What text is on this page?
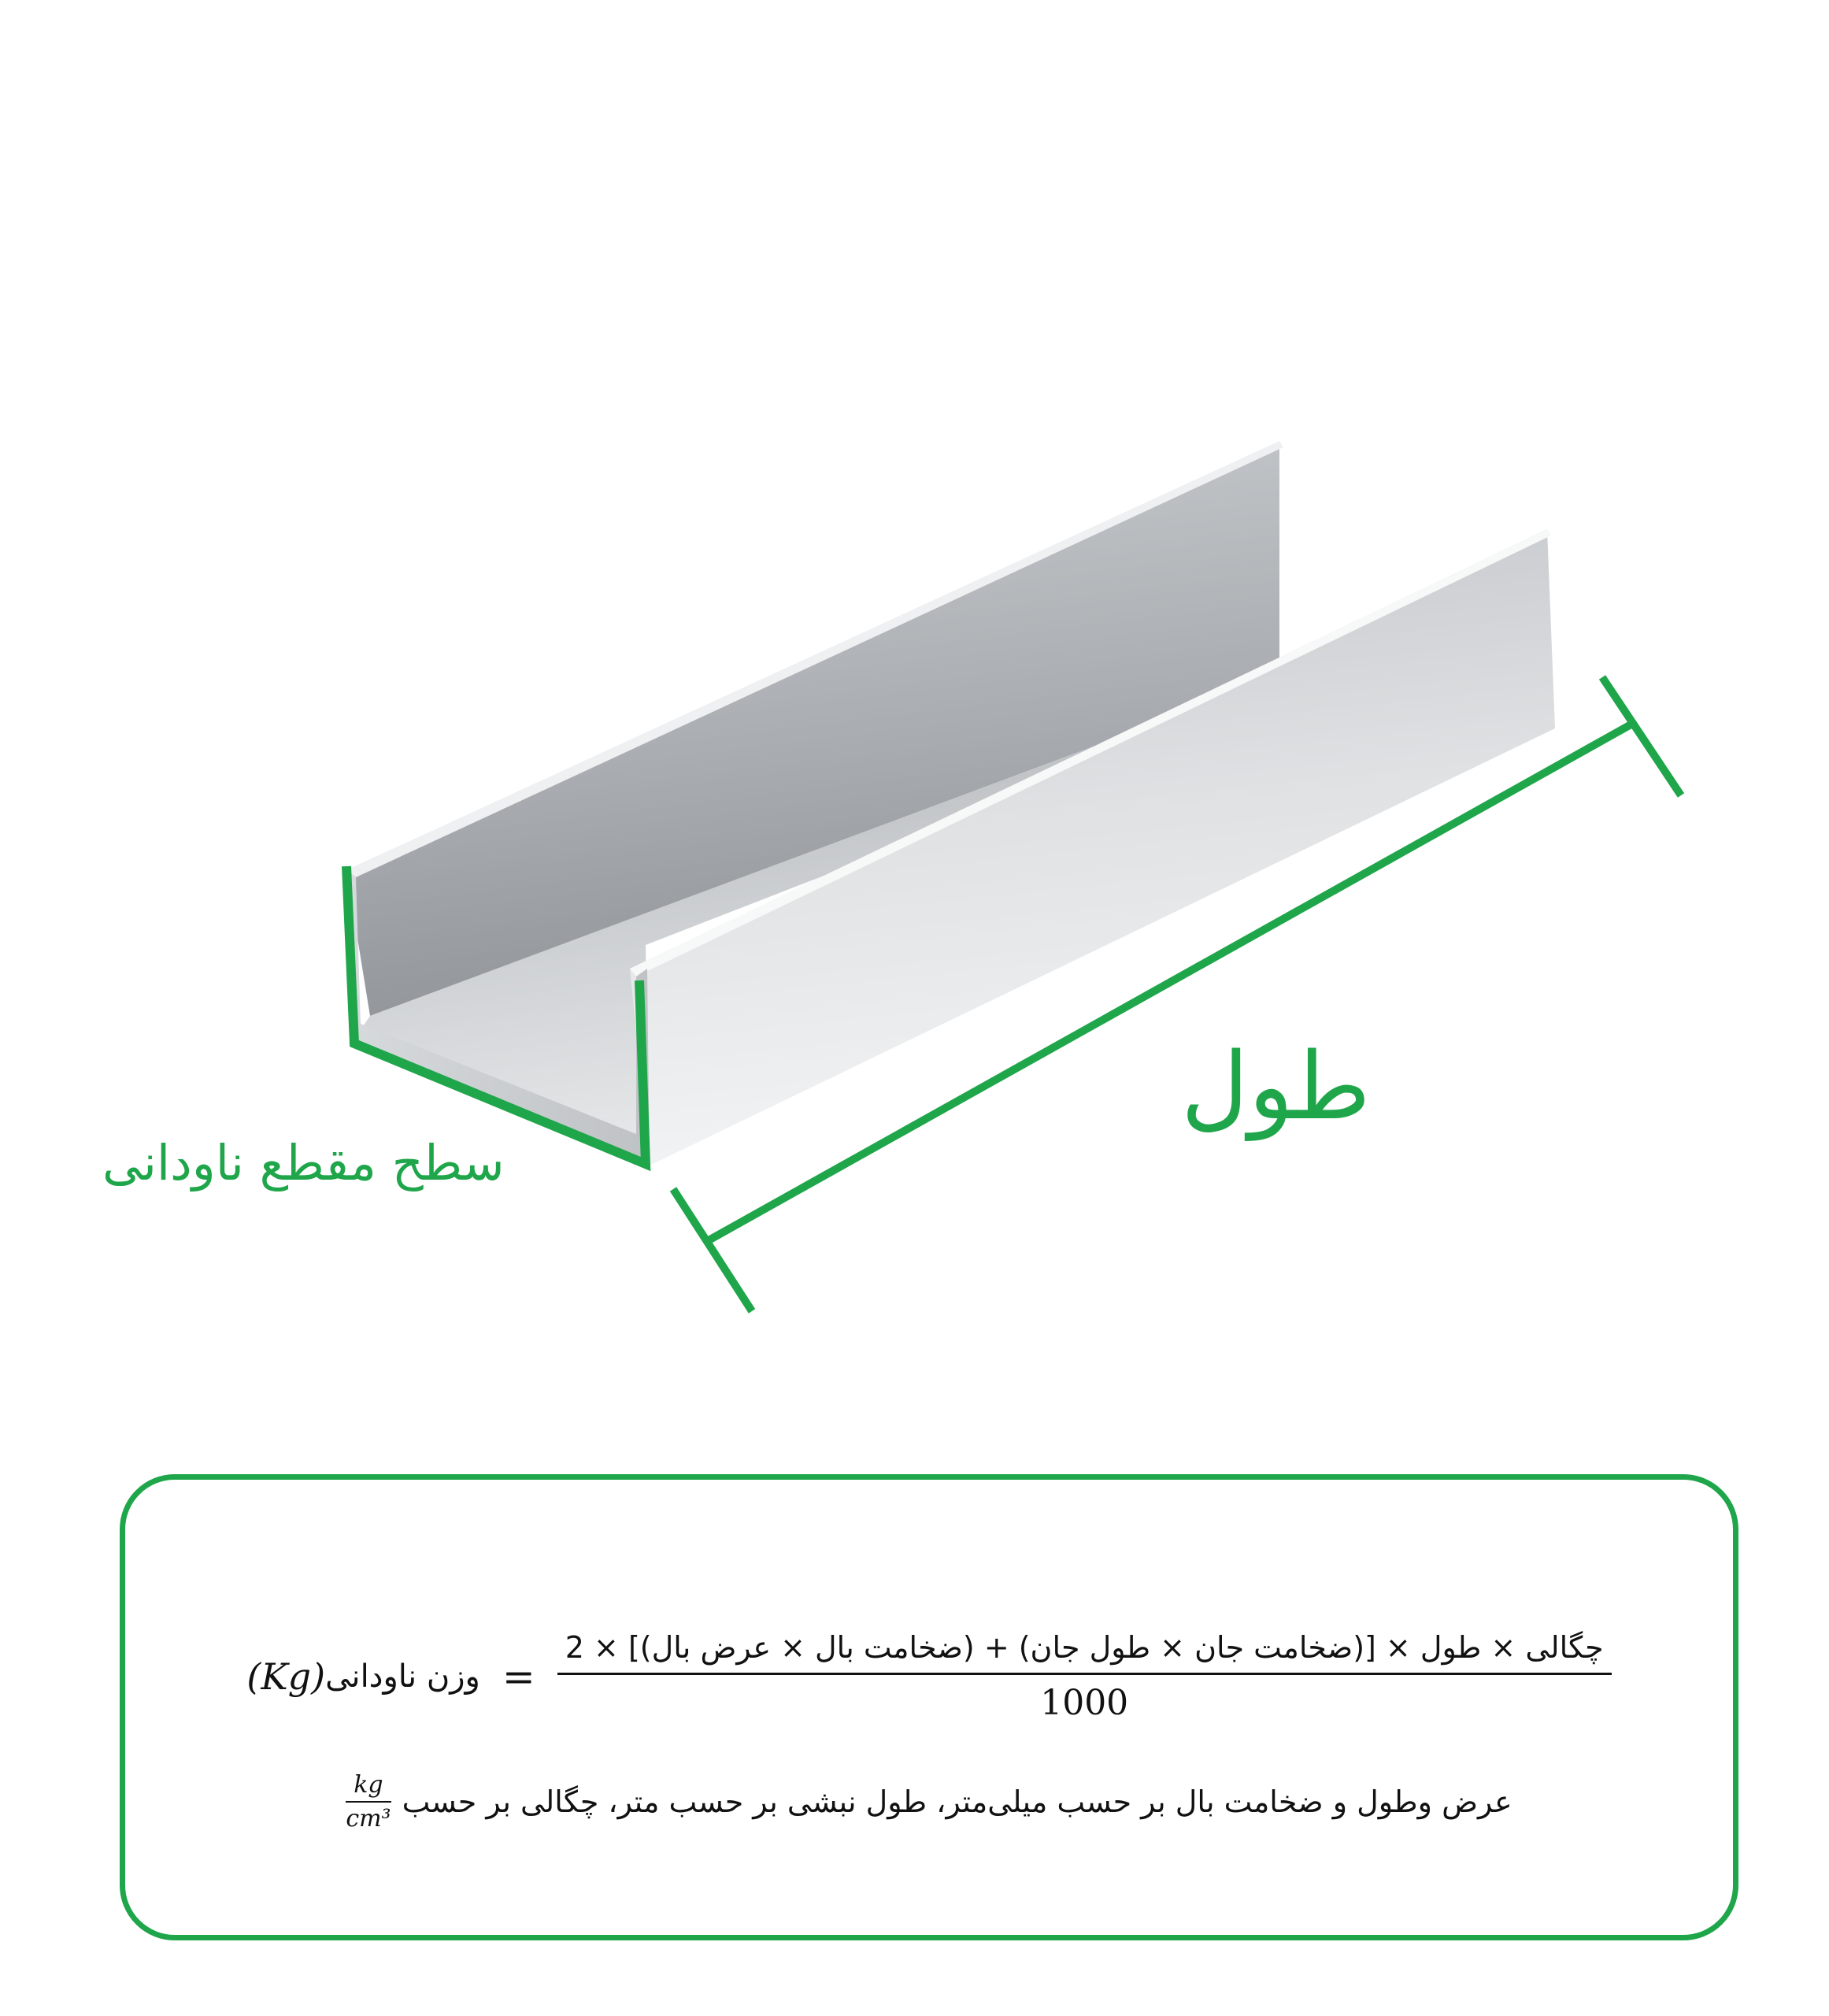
طول
سطح مقطع ناودانی
(Kg) وزن ناودانی =
چگالی × طول × [(ضخامت جان × طول جان) + (ضخامت بال × عرض بال)] × 2
1000
$\frac{kg}{\text{cm³}}$ عرض وطول و ضخامت بال بر حسب میلی‌متر، طول نبشی بر حسب متر، چگالی بر حسب
